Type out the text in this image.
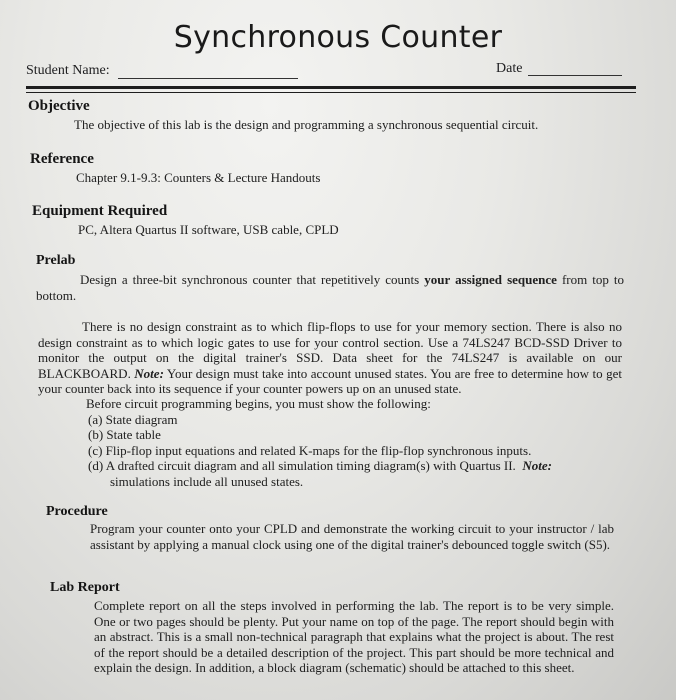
Synchronous Counter
Student Name:	Date
Objective
The objective of this lab is the design and programming a synchronous sequential circuit.
Reference
Chapter 9.1-9.3: Counters & Lecture Handouts
Equipment Required
PC, Altera Quartus II software, USB cable, CPLD
Prelab
Design a three-bit synchronous counter that repetitively counts your assigned sequence from top to bottom.
There is no design constraint as to which flip-flops to use for your memory section. There is also no design constraint as to which logic gates to use for your control section. Use a 74LS247 BCD-SSD Driver to monitor the output on the digital trainer's SSD. Data sheet for the 74LS247 is available on our BLACKBOARD. Note: Your design must take into account unused states. You are free to determine how to get your counter back into its sequence if your counter powers up on an unused state.
Before circuit programming begins, you must show the following:
(a) State diagram
(b) State table
(c) Flip-flop input equations and related K-maps for the flip-flop synchronous inputs.
(d) A drafted circuit diagram and all simulation timing diagram(s) with Quartus II. Note:
simulations include all unused states.
Procedure
Program your counter onto your CPLD and demonstrate the working circuit to your instructor / lab assistant by applying a manual clock using one of the digital trainer's debounced toggle switch (S5).
Lab Report
Complete report on all the steps involved in performing the lab. The report is to be very simple. One or two pages should be plenty. Put your name on top of the page. The report should begin with an abstract. This is a small non-technical paragraph that explains what the project is about. The rest of the report should be a detailed description of the project. This part should be more technical and explain the design. In addition, a block diagram (schematic) should be attached to this sheet.
